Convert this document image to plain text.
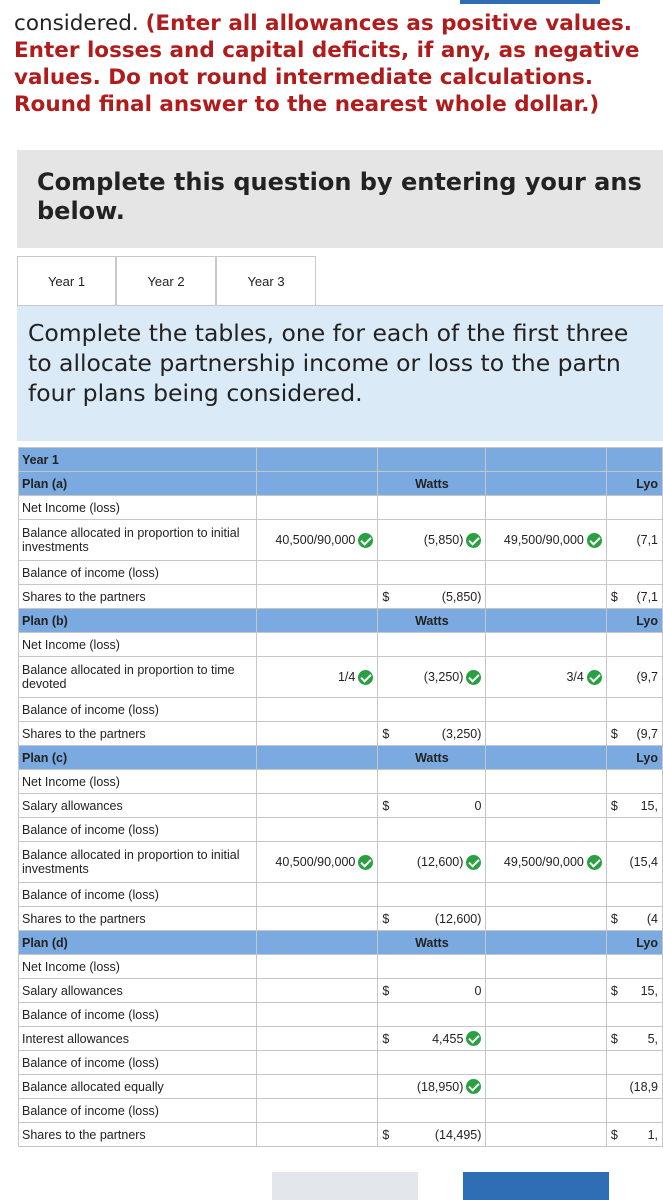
considered. (Enter all allowances as positive values. Enter losses and capital deficits, if any, as negative values. Do not round intermediate calculations. Round final answer to the nearest whole dollar.)
Complete this question by entering your ans
below.
Year 1	Year 2	Year 3
Complete the tables, one for each of the first three
to allocate partnership income or loss to the partn
four plans being considered.
Year 1				
Plan (a)		Watts		Lyo
Net Income (loss)				
Balance allocated in proportion to initial investments	40,500/90,000	(5,850)	49,500/90,000	(7,1

Balance of income (loss)				
Shares to the partners		$ (5,850)		$ (7,1

Plan (b)		Watts		Lyo
Net Income (loss)				
Balance allocated in proportion to time devoted	1/4	(3,250)	3/4	(9,7

Balance of income (loss)				
Shares to the partners		$ (3,250)		$ (9,7

Plan (c)		Watts		Lyo
Net Income (loss)				
Salary allowances		$ 0		$ 15,

Balance of income (loss)				
Balance allocated in proportion to initial investments	40,500/90,000	(12,600)	49,500/90,000	(15,4

Balance of income (loss)				
Shares to the partners		$ (12,600)		$ (4

Plan (d)		Watts		Lyo
Net Income (loss)				
Salary allowances		$ 0		$ 15,

Balance of income (loss)				
Interest allowances		$ 4,455		$ 5,

Balance of income (loss)				
Balance allocated equally		(18,950)		(18,9

Balance of income (loss)				
Shares to the partners		$ (14,495)		$ 1,
